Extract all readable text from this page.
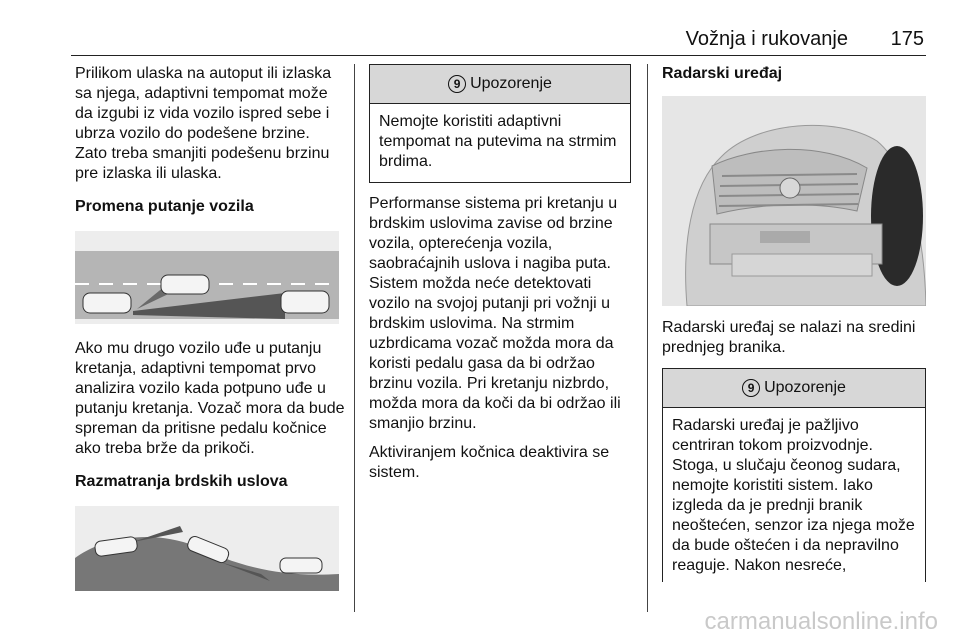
Vožnja i rukovanje 175

Prilikom ulaska na autoput ili izlaska sa njega, adaptivni tempomat može da izgubi iz vida vozilo ispred sebe i ubrza vozilo do podešene brzine. Zato treba smanjiti podešenu brzinu pre izlaska ili ulaska.

Promena putanje vozila

Ako mu drugo vozilo uđe u putanju kretanja, adaptivni tempomat prvo analizira vozilo kada potpuno uđe u putanju kretanja. Vozač mora da bude spreman da pritisne pedalu kočnice ako treba brže da prikoči.

Razmatranja brdskih uslova

9 Upozorenje

Nemojte koristiti adaptivni tempomat na putevima na strmim brdima.

Performanse sistema pri kretanju u brdskim uslovima zavise od brzine vozila, opterećenja vozila, saobraćajnih uslova i nagiba puta. Sistem možda neće detektovati vozilo na svojoj putanji pri vožnji u brdskim uslovima. Na strmim uzbrdicama vozač možda mora da koristi pedalu gasa da bi održao brzinu vozila. Pri kretanju nizbrdo, možda mora da koči da bi održao ili smanjio brzinu.

Aktiviranjem kočnica deaktivira se sistem.

Radarski uređaj

Radarski uređaj se nalazi na sredini prednjeg branika.

9 Upozorenje

Radarski uređaj je pažljivo centriran tokom proizvodnje. Stoga, u slučaju čeonog sudara, nemojte koristiti sistem. Iako izgleda da je prednji branik neoštećen, senzor iza njega može da bude oštećen i da nepravilno reaguje. Nakon nesreće,

carmanualsonline.info
